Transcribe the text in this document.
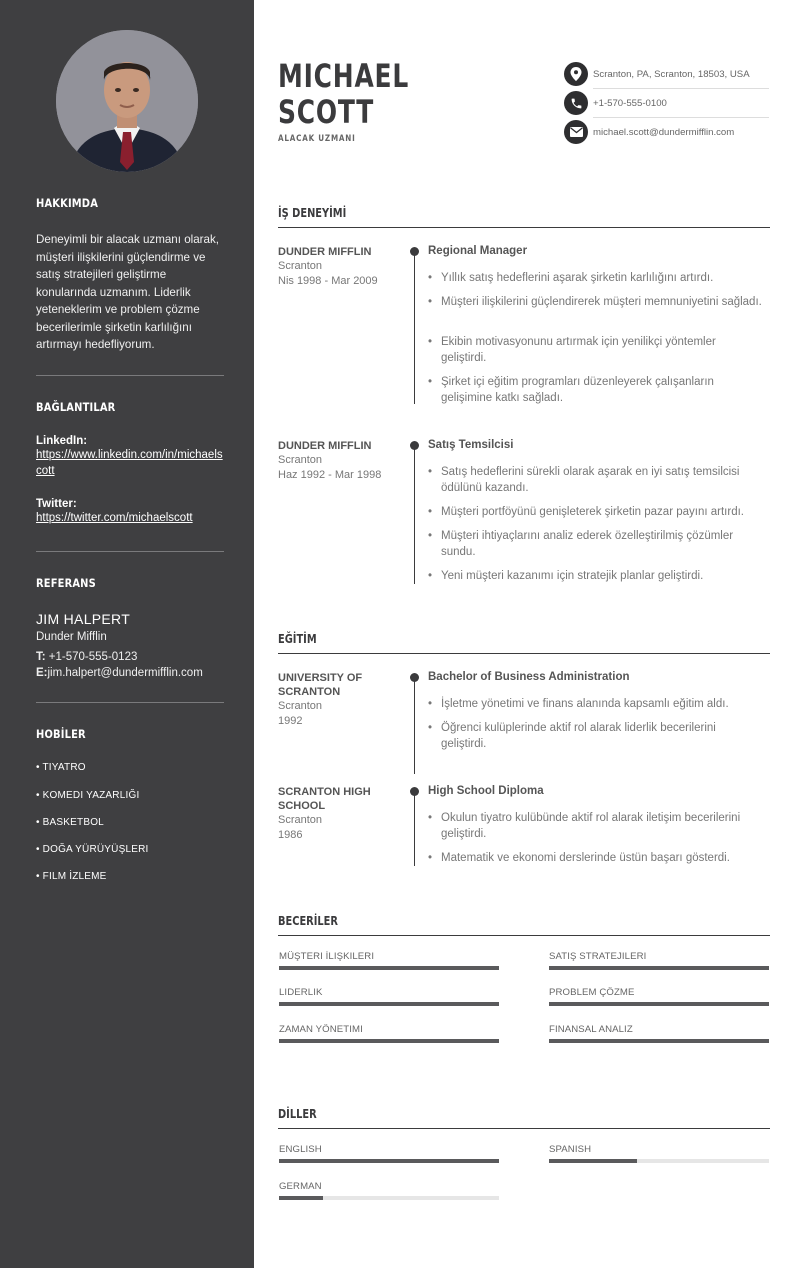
HAKKIMDA
Deneyimli bir alacak uzmanı olarak, müşteri ilişkilerini güçlendirme ve satış stratejileri geliştirme konularında uzmanım. Liderlik yeteneklerim ve problem çözme becerilerimle şirketin karlılığını artırmayı hedefliyorum.
BAĞLANTILAR
LinkedIn:
https://www.linkedin.com/in/michaelscott
Twitter:
https://twitter.com/michaelscott
REFERANS
JIM HALPERT
Dunder Mifflin
T: +1-570-555-0123
E:jim.halpert@dundermifflin.com
HOBİLER
• TIYATRO
• KOMEDI YAZARLIĞI
• BASKETBOL
• DOĞA YÜRÜYÜŞLERI
• FILM İZLEME
MICHAEL
SCOTT
ALACAK UZMANI
Scranton, PA, Scranton, 18503, USA
+1-570-555-0100
michael.scott@dundermifflin.com
İŞ DENEYİMİ
DUNDER MIFFLIN
Scranton
Nis 1998 - Mar 2009
Regional Manager
• Yıllık satış hedeflerini aşarak şirketin karlılığını artırdı.
• Müşteri ilişkilerini güçlendirerek müşteri memnuniyetini sağladı.
• Ekibin motivasyonunu artırmak için yenilikçi yöntemler geliştirdi.
• Şirket içi eğitim programları düzenleyerek çalışanların gelişimine katkı sağladı.
DUNDER MIFFLIN
Scranton
Haz 1992 - Mar 1998
Satış Temsilcisi
• Satış hedeflerini sürekli olarak aşarak en iyi satış temsilcisi ödülünü kazandı.
• Müşteri portföyünü genişleterek şirketin pazar payını artırdı.
• Müşteri ihtiyaçlarını analiz ederek özelleştirilmiş çözümler sundu.
• Yeni müşteri kazanımı için stratejik planlar geliştirdi.
EĞİTİM
UNIVERSITY OF SCRANTON
Scranton
1992
Bachelor of Business Administration
• İşletme yönetimi ve finans alanında kapsamlı eğitim aldı.
• Öğrenci kulüplerinde aktif rol alarak liderlik becerilerini geliştirdi.
SCRANTON HIGH SCHOOL
Scranton
1986
High School Diploma
• Okulun tiyatro kulübünde aktif rol alarak iletişim becerilerini geliştirdi.
• Matematik ve ekonomi derslerinde üstün başarı gösterdi.
BECERİLER
MÜŞTERI İLIŞKILERI	SATIŞ STRATEJILERI
LIDERLIK	PROBLEM ÇÖZME
ZAMAN YÖNETIMI	FINANSAL ANALIZ
DİLLER
ENGLISH	SPANISH
GERMAN
